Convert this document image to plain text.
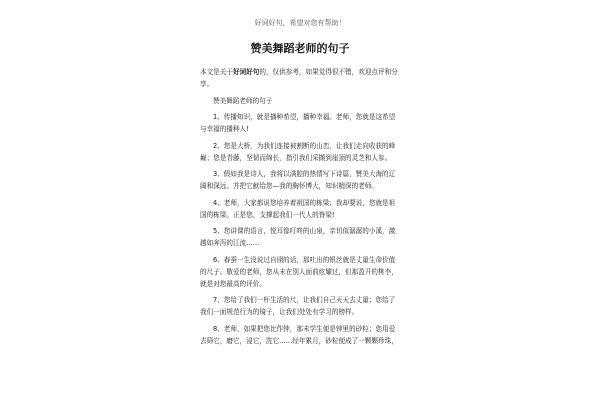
好词好句，希望对您有帮助！
赞美舞蹈老师的句子

本文是关于好词好句的，仅供参考，如果觉得很不错，欢迎点评和分享。

赞美舞蹈老师的句子

1、传播知识，就是播种希望，播种幸福。老师，您就是这希望与幸福的播种人!

2、您是大桥，为我们连接被割断的山峦，让我们走向收获的峰巅；您是青藤，坚韧而绵长，指引我们采撷到崖顶的灵芝和人参。

3、假如我是诗人，我将以满腔的热情写下诗篇，赞美大海的辽阔和深远。并把它献给您—我的胸怀博大，知识精深的老师。

4、老师，大家都说您培养着祖国的栋梁；我却要说，您就是祖国的栋梁。正是您，支撑起我们一代人的脊梁!

5、您讲课的语言，悦耳像叮咚的山泉，亲切似潺潺的小溪，激越如奔泻的江流……

6、春蚕一生没说过自诩的话，那吐出的银丝就是丈量生命价值的尺子。敬爱的老师，您从未在别人面前炫耀过，但那盈开的桃李，就是对您最高的评价。

7、您给了我们一杆生活的尺，让我们自己天天去丈量；您给了我们一面规范行为的镜子，让我们处处有学习的榜样。

8、老师，如果把您比作钟，那末学生便是钟里的砂粒；您用爱去筛它，磨它，浸它，洗它……经年累月，砂粒便成了一颗颗珍珠，
